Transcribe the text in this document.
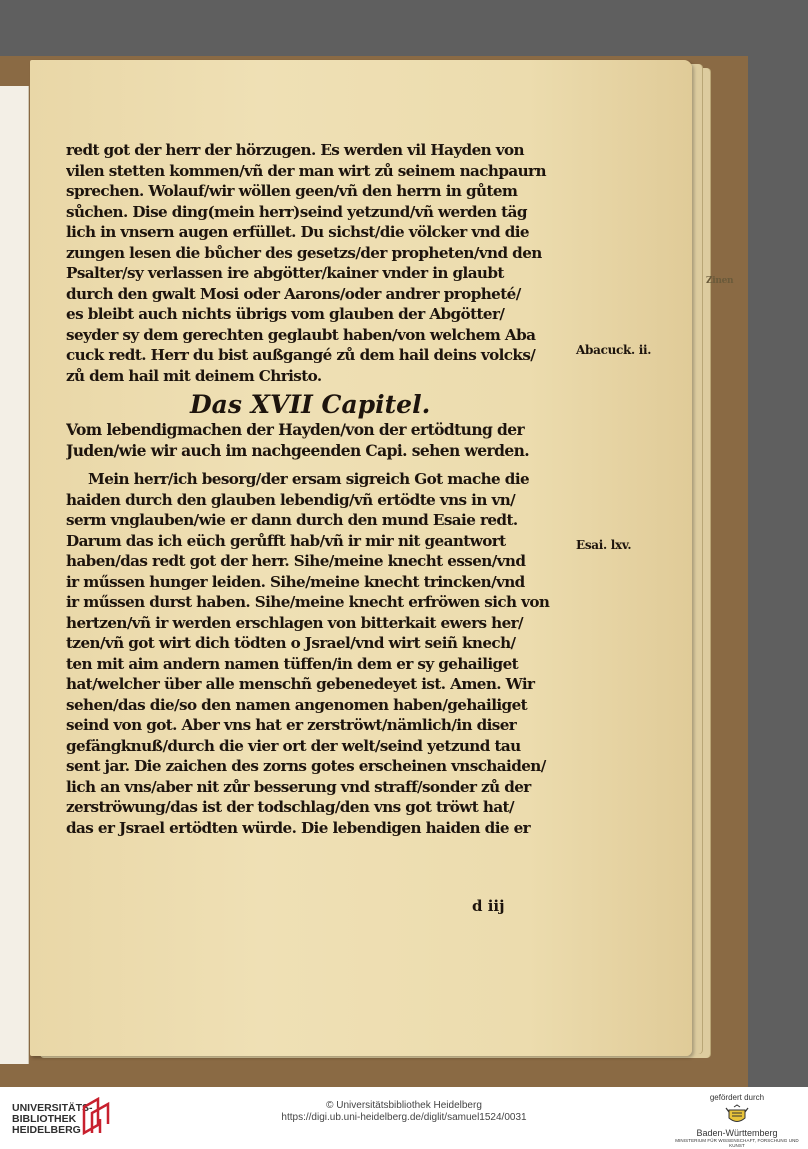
redt got der herr der hörzugen. Es werden vil Hayden von
vilen stetten kommen/vñ der man wirt zů seinem nachpaurn
sprechen. Wolauf/wir wöllen geen/vñ den herrn in gůtem
sůchen. Dise ding(mein herr)seind yetzund/vñ werden täg
lich in vnsern augen erfüllet. Du sichst/die völcker vnd die
zungen lesen die bůcher des gesetzs/der propheten/vnd den
Psalter/sy verlassen ire abgötter/kainer vnder in glaubt
durch den gwalt Mosi oder Aarons/oder andrer propheté/
es bleibt auch nichts übrigs vom glauben der Abgötter/
seyder sy dem gerechten geglaubt haben/von welchem Aba
cuck redt. Herr du bist außgangé zů dem hail deins volcks/
zů dem hail mit deinem Christo.
Das XVII Capitel.
Vom lebendigmachen der Hayden/von der ertödtung der
Juden/wie wir auch im nachgeenden Capi. sehen werden.
Mein herr/ich besorg/der ersam sigreich Got mache die
haiden durch den glauben lebendig/vñ ertödte vns in vn/
serm vnglauben/wie er dann durch den mund Esaie redt.
Darum das ich eüch gerůfft hab/vñ ir mir nit geantwort
haben/das redt got der herr. Sihe/meine knecht essen/vnd
ir műssen hunger leiden. Sihe/meine knecht trincken/vnd
ir műssen durst haben. Sihe/meine knecht erfröwen sich von
hertzen/vñ ir werden erschlagen von bitterkait ewers her/
tzen/vñ got wirt dich tödten o Jsrael/vnd wirt seiñ knech/
ten mit aim andern namen tüffen/in dem er sy gehailiget
hat/welcher über alle menschñ gebenedeyet ist. Amen. Wir
sehen/das die/so den namen angenomen haben/gehailiget
seind von got. Aber vns hat er zerströwt/nämlich/in diser
gefängknuß/durch die vier ort der welt/seind yetzund tau
sent jar. Die zaichen des zorns gotes erscheinen vnschaiden/
lich an vns/aber nit zůr besserung vnd straff/sonder zů der
zerströwung/das ist der todschlag/den vns got tröwt hat/
das er Jsrael ertödten würde. Die lebendigen haiden die er
d iij
Abacuck. ii.
Esai. lxv.
Zinen
UNIVERSITÄTS-
BIBLIOTHEK
HEIDELBERG
© Universitätsbibliothek Heidelberg
https://digi.ub.uni-heidelberg.de/diglit/samuel1524/0031
gefördert durch
Baden-Württemberg
MINISTERIUM FÜR WISSENSCHAFT, FORSCHUNG UND KUNST
